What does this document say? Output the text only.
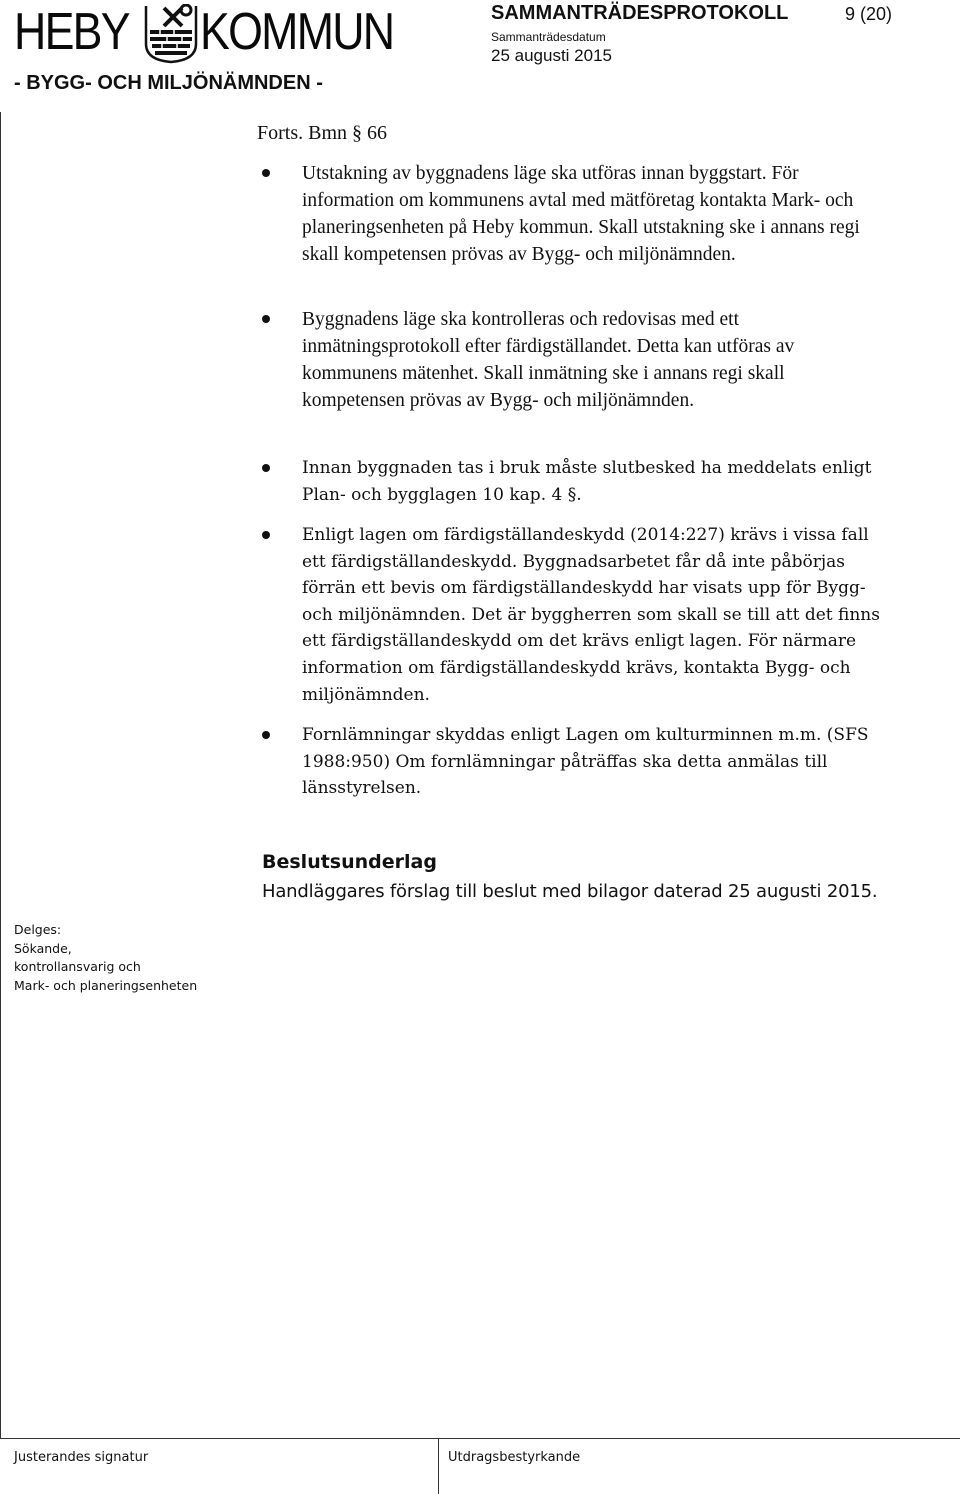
HEBY KOMMUN
- BYGG- OCH MILJÖNÄMNDEN -
SAMMANTRÄDESPROTOKOLL
Sammanträdesdatum
25 augusti 2015
9 (20)
Forts. Bmn § 66
Utstakning av byggnadens läge ska utföras innan byggstart. För information om kommunens avtal med mätföretag kontakta Mark- och planeringsenheten på Heby kommun. Skall utstakning ske i annans regi skall kompetensen prövas av Bygg- och miljönämnden.
Byggnadens läge ska kontrolleras och redovisas med ett inmätningsprotokoll efter färdigställandet. Detta kan utföras av kommunens mätenhet. Skall inmätning ske i annans regi skall kompetensen prövas av Bygg- och miljönämnden.
Innan byggnaden tas i bruk måste slutbesked ha meddelats enligt Plan- och bygglagen 10 kap. 4 §.
Enligt lagen om färdigställandeskydd (2014:227) krävs i vissa fall ett färdigställandeskydd. Byggnadsarbetet får då inte påbörjas förrän ett bevis om färdigställandeskydd har visats upp för Bygg- och miljönämnden. Det är byggherren som skall se till att det finns ett färdigställandeskydd om det krävs enligt lagen. För närmare information om färdigställandeskydd krävs, kontakta Bygg- och miljönämnden.
Fornlämningar skyddas enligt Lagen om kulturminnen m.m. (SFS 1988:950) Om fornlämningar påträffas ska detta anmälas till länsstyrelsen.
Beslutsunderlag
Handläggares förslag till beslut med bilagor daterad 25 augusti 2015.
Delges:
Sökande,
kontrollansvarig och
Mark- och planeringsenheten
Justerandes signatur	Utdragsbestyrkande
